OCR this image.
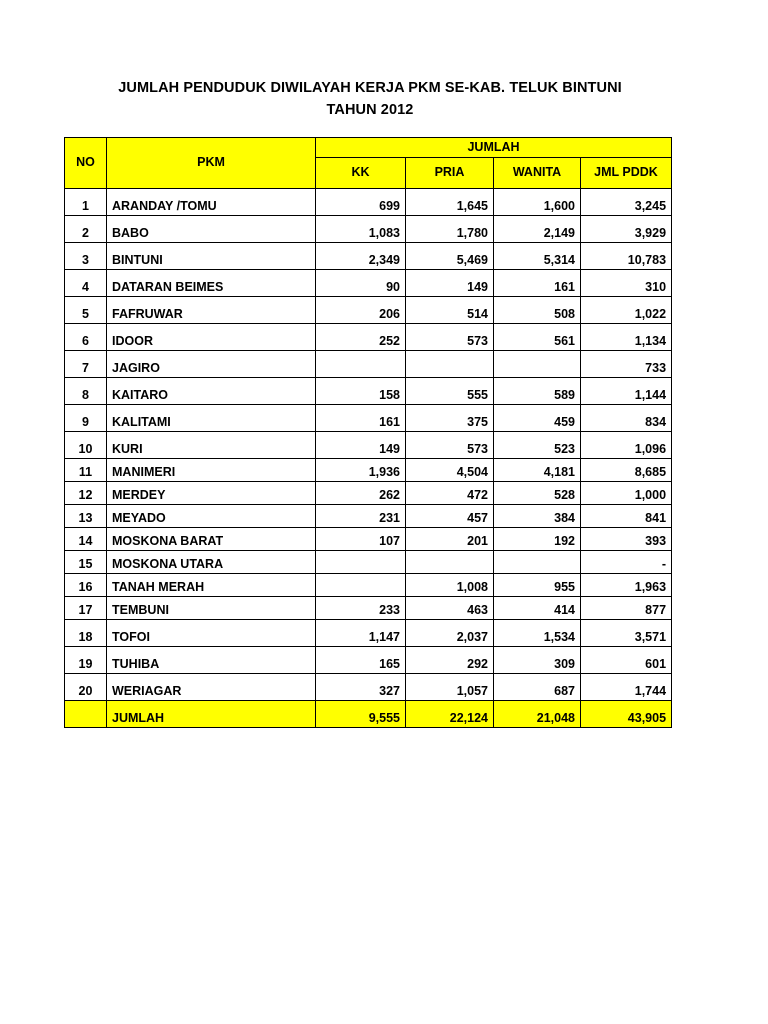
JUMLAH PENDUDUK DIWILAYAH KERJA PKM SE-KAB. TELUK BINTUNI
TAHUN 2012
NO	PKM	JUMLAH			
		KK	PRIA	WANITA	JML PDDK
1	ARANDAY /TOMU	699	1,645	1,600	3,245
2	BABO	1,083	1,780	2,149	3,929
3	BINTUNI	2,349	5,469	5,314	10,783
4	DATARAN BEIMES	90	149	161	310
5	FAFRUWAR	206	514	508	1,022
6	IDOOR	252	573	561	1,134
7	JAGIRO				733
8	KAITARO	158	555	589	1,144
9	KALITAMI	161	375	459	834
10	KURI	149	573	523	1,096
11	MANIMERI	1,936	4,504	4,181	8,685
12	MERDEY	262	472	528	1,000
13	MEYADO	231	457	384	841
14	MOSKONA BARAT	107	201	192	393
15	MOSKONA UTARA				-
16	TANAH MERAH		1,008	955	1,963
17	TEMBUNI	233	463	414	877
18	TOFOI	1,147	2,037	1,534	3,571
19	TUHIBA	165	292	309	601
20	WERIAGAR	327	1,057	687	1,744
	JUMLAH	9,555	22,124	21,048	43,905
